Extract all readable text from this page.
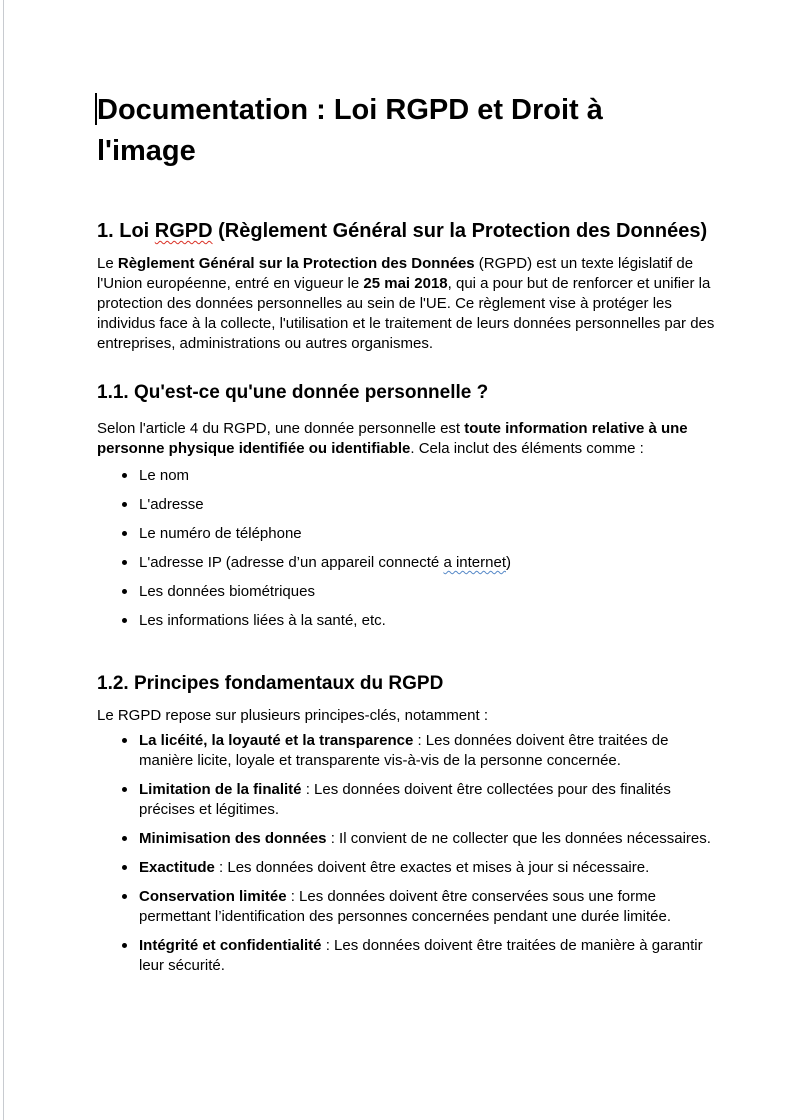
Documentation : Loi RGPD et Droit à l'image
1. Loi RGPD (Règlement Général sur la Protection des Données)

Le Règlement Général sur la Protection des Données (RGPD) est un texte législatif de l'Union européenne, entré en vigueur le 25 mai 2018, qui a pour but de renforcer et unifier la protection des données personnelles au sein de l'UE. Ce règlement vise à protéger les individus face à la collecte, l'utilisation et le traitement de leurs données personnelles par des entreprises, administrations ou autres organismes.

1.1. Qu'est-ce qu'une donnée personnelle ?

Selon l'article 4 du RGPD, une donnée personnelle est toute information relative à une personne physique identifiée ou identifiable. Cela inclut des éléments comme :

Le nom
L'adresse
Le numéro de téléphone
L'adresse IP (adresse d’un appareil connecté a internet)
Les données biométriques
Les informations liées à la santé, etc.
1.2. Principes fondamentaux du RGPD

Le RGPD repose sur plusieurs principes-clés, notamment :

La licéité, la loyauté et la transparence : Les données doivent être traitées de manière licite, loyale et transparente vis-à-vis de la personne concernée.
Limitation de la finalité : Les données doivent être collectées pour des finalités précises et légitimes.
Minimisation des données : Il convient de ne collecter que les données nécessaires.
Exactitude : Les données doivent être exactes et mises à jour si nécessaire.
Conservation limitée : Les données doivent être conservées sous une forme permettant l’identification des personnes concernées pendant une durée limitée.
Intégrité et confidentialité : Les données doivent être traitées de manière à garantir leur sécurité.
